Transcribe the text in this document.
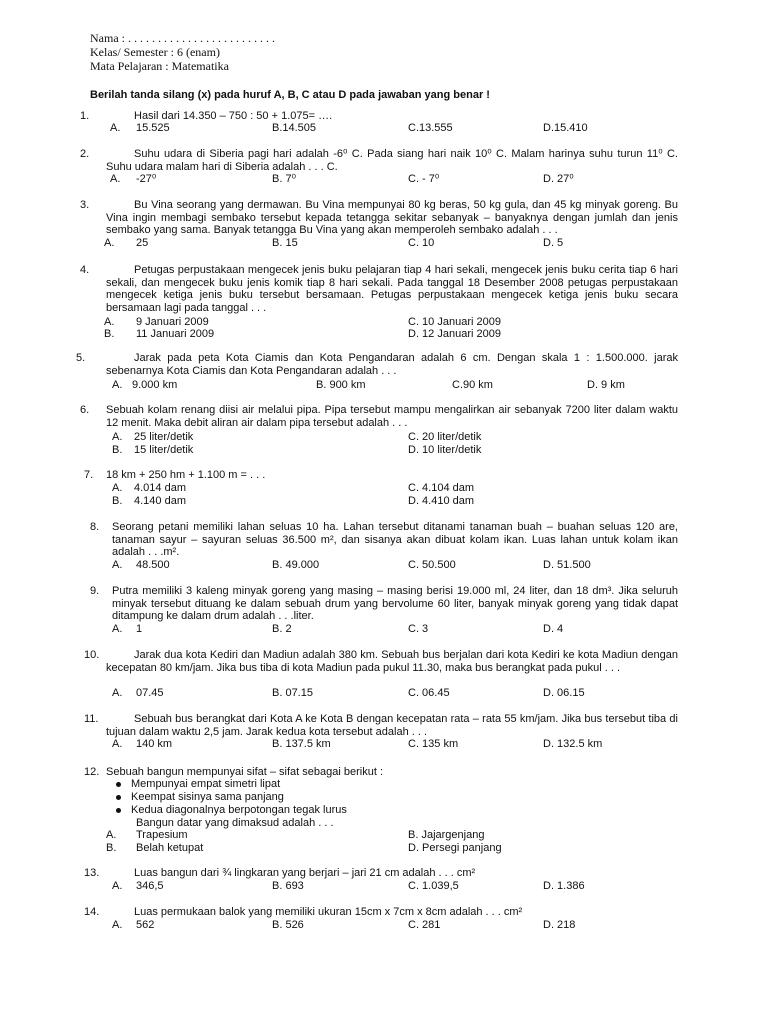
Nama : . . . . . . . . . . . . . . . . . . . . . . . . .
Kelas/ Semester : 6 (enam)
Mata Pelajaran : Matematika
Berilah tanda silang (x) pada huruf A, B, C atau D pada jawaban yang benar !
1.	Hasil dari 14.350 – 750 : 50 + 1.075= ….
A. 15.525	B.14.505	C.13.555	D.15.410
2.	Suhu udara di Siberia pagi hari adalah -6⁰ C. Pada siang hari naik 10⁰ C. Malam harinya suhu turun 11⁰ C. Suhu udara malam hari di Siberia adalah . . . C.
A. -27⁰	B. 7⁰	C. - 7⁰	D. 27⁰
3.	Bu Vina seorang yang dermawan. Bu Vina mempunyai 80 kg beras, 50 kg gula, dan 45 kg minyak goreng. Bu Vina ingin membagi sembako tersebut kepada tetangga sekitar sebanyak – banyaknya dengan jumlah dan jenis sembako yang sama. Banyak tetangga Bu Vina yang akan memperoleh sembako adalah . . .
A. 25	B. 15	C. 10	D. 5
4.	Petugas perpustakaan mengecek jenis buku pelajaran tiap 4 hari sekali, mengecek jenis buku cerita tiap 6 hari sekali, dan mengecek buku jenis komik tiap 8 hari sekali. Pada tanggal 18 Desember 2008 petugas perpustakaan mengecek ketiga jenis buku tersebut bersamaan. Petugas perpustakaan mengecek ketiga jenis buku secara bersamaan lagi pada tanggal . . .
A. 9 Januari 2009	C. 10 Januari 2009
B. 11 Januari 2009	D. 12 Januari 2009
5.	Jarak pada peta Kota Ciamis dan Kota Pengandaran adalah 6 cm. Dengan skala 1 : 1.500.000. jarak sebenarnya Kota Ciamis dan Kota Pengandaran adalah . . .
A. 9.000 km	B. 900 km	C.90 km	D. 9 km
6. Sebuah kolam renang diisi air melalui pipa. Pipa tersebut mampu mengalirkan air sebanyak 7200 liter dalam waktu 12 menit. Maka debit aliran air dalam pipa tersebut adalah . . .
A. 25 liter/detik	C. 20 liter/detik
B. 15 liter/detik	D. 10 liter/detik
7. 18 km + 250 hm + 1.100 m = . . .
A. 4.014 dam	C. 4.104 dam
B. 4.140 dam	D. 4.410 dam
8. Seorang petani memiliki lahan seluas 10 ha. Lahan tersebut ditanami tanaman buah – buahan seluas 120 are, tanaman sayur – sayuran seluas 36.500 m², dan sisanya akan dibuat kolam ikan. Luas lahan untuk kolam ikan adalah . . .m².
A. 48.500	B. 49.000	C. 50.500	D. 51.500
9. Putra memiliki 3 kaleng minyak goreng yang masing – masing berisi 19.000 ml, 24 liter, dan 18 dm³. Jika seluruh minyak tersebut dituang ke dalam sebuah drum yang bervolume 60 liter, banyak minyak goreng yang tidak dapat ditampung ke dalam drum adalah . . .liter.
A. 1	B. 2	C. 3	D. 4
10.	Jarak dua kota Kediri dan Madiun adalah 380 km. Sebuah bus berjalan dari kota Kediri ke kota Madiun dengan kecepatan 80 km/jam. Jika bus tiba di kota Madiun pada pukul 11.30, maka bus berangkat pada pukul . . .
A. 07.45	B. 07.15	C. 06.45	D. 06.15
11.	Sebuah bus berangkat dari Kota A ke Kota B dengan kecepatan rata – rata 55 km/jam. Jika bus tersebut tiba di tujuan dalam waktu 2,5 jam. Jarak kedua kota tersebut adalah . . .
A. 140 km	B. 137.5 km	C. 135 km	D. 132.5 km
12. Sebuah bangun mempunyai sifat – sifat sebagai berikut :
Mempunyai empat simetri lipat
Keempat sisinya sama panjang
Kedua diagonalnya berpotongan tegak lurus
Bangun datar yang dimaksud adalah . . .
A. Trapesium	B. Jajargenjang
B. Belah ketupat	D. Persegi panjang
13.	Luas bangun dari ¾ lingkaran yang berjari – jari 21 cm adalah . . . cm²
A. 346,5	B. 693	C. 1.039,5	D. 1.386
14.	Luas permukaan balok yang memiliki ukuran 15cm x 7cm x 8cm adalah . . . cm²
A. 562	B. 526	C. 281	D. 218
